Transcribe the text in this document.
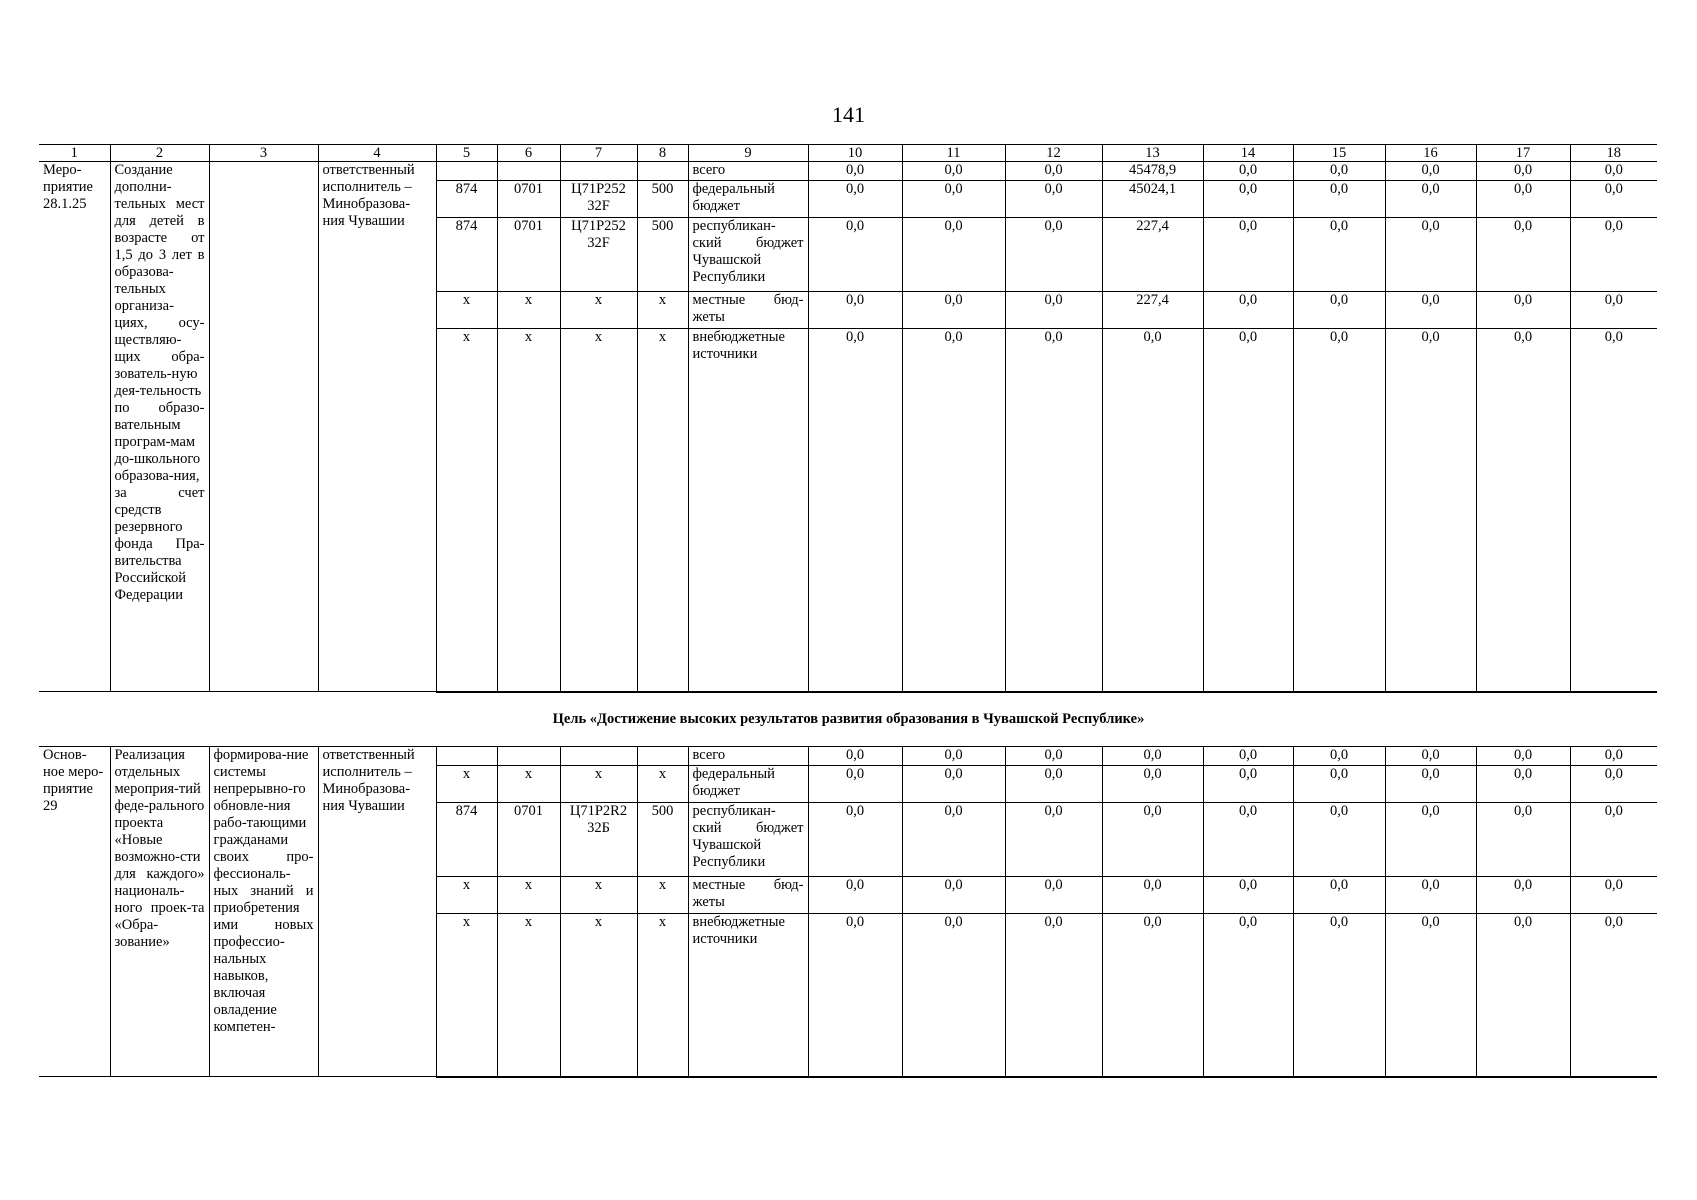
141
1	2	3	4	5	6	7	8	9	10	11	12	13	14	15	16	17	18
Меро-приятие 28.1.25	Создание дополни-тельных мест для детей в возрасте от 1,5 до 3 лет в образова-тельных организа-циях, осу-ществляю-щих обра-зователь-ную дея-тельность по образо-вательным програм-мам до-школьного образова-ния, за счет средств резервного фонда Пра-вительства Российской Федерации		ответственный исполнитель – Минобразова-ния Чувашии					всего	0,0	0,0	0,0	45478,9	0,0	0,0	0,0	0,0	0,0
				874	0701	Ц71P252 32F	500	федеральный бюджет	0,0	0,0	0,0	45024,1	0,0	0,0	0,0	0,0	0,0
				874	0701	Ц71P252 32F	500	республикан-ский бюджет Чувашской Республики	0,0	0,0	0,0	227,4	0,0	0,0	0,0	0,0	0,0
				х	х	х	х	местные бюд-жеты	0,0	0,0	0,0	227,4	0,0	0,0	0,0	0,0	0,0
				х	х	х	х	внебюджетные источники	0,0	0,0	0,0	0,0	0,0	0,0	0,0	0,0	0,0
Цель «Достижение высоких результатов развития образования в Чувашской Республике»
Основ-ное меро-приятие 29	Реализация отдельных мероприя-тий феде-рального проекта «Новые возможно-сти для каждого» националь-ного проек-та «Обра-зование»	формирова-ние системы непрерывно-го обновле-ния рабо-тающими гражданами своих про-фессиональ-ных знаний и приобретения ими новых профессио-нальных навыков, включая овладение компетен-	ответственный исполнитель – Минобразова-ния Чувашии					всего	0,0	0,0	0,0	0,0	0,0	0,0	0,0	0,0	0,0
				х	х	х	х	федеральный бюджет	0,0	0,0	0,0	0,0	0,0	0,0	0,0	0,0	0,0
				874	0701	Ц71P2R2 32Б	500	республикан-ский бюджет Чувашской Республики	0,0	0,0	0,0	0,0	0,0	0,0	0,0	0,0	0,0
				х	х	х	х	местные бюд-жеты	0,0	0,0	0,0	0,0	0,0	0,0	0,0	0,0	0,0
				х	х	х	х	внебюджетные источники	0,0	0,0	0,0	0,0	0,0	0,0	0,0	0,0	0,0
